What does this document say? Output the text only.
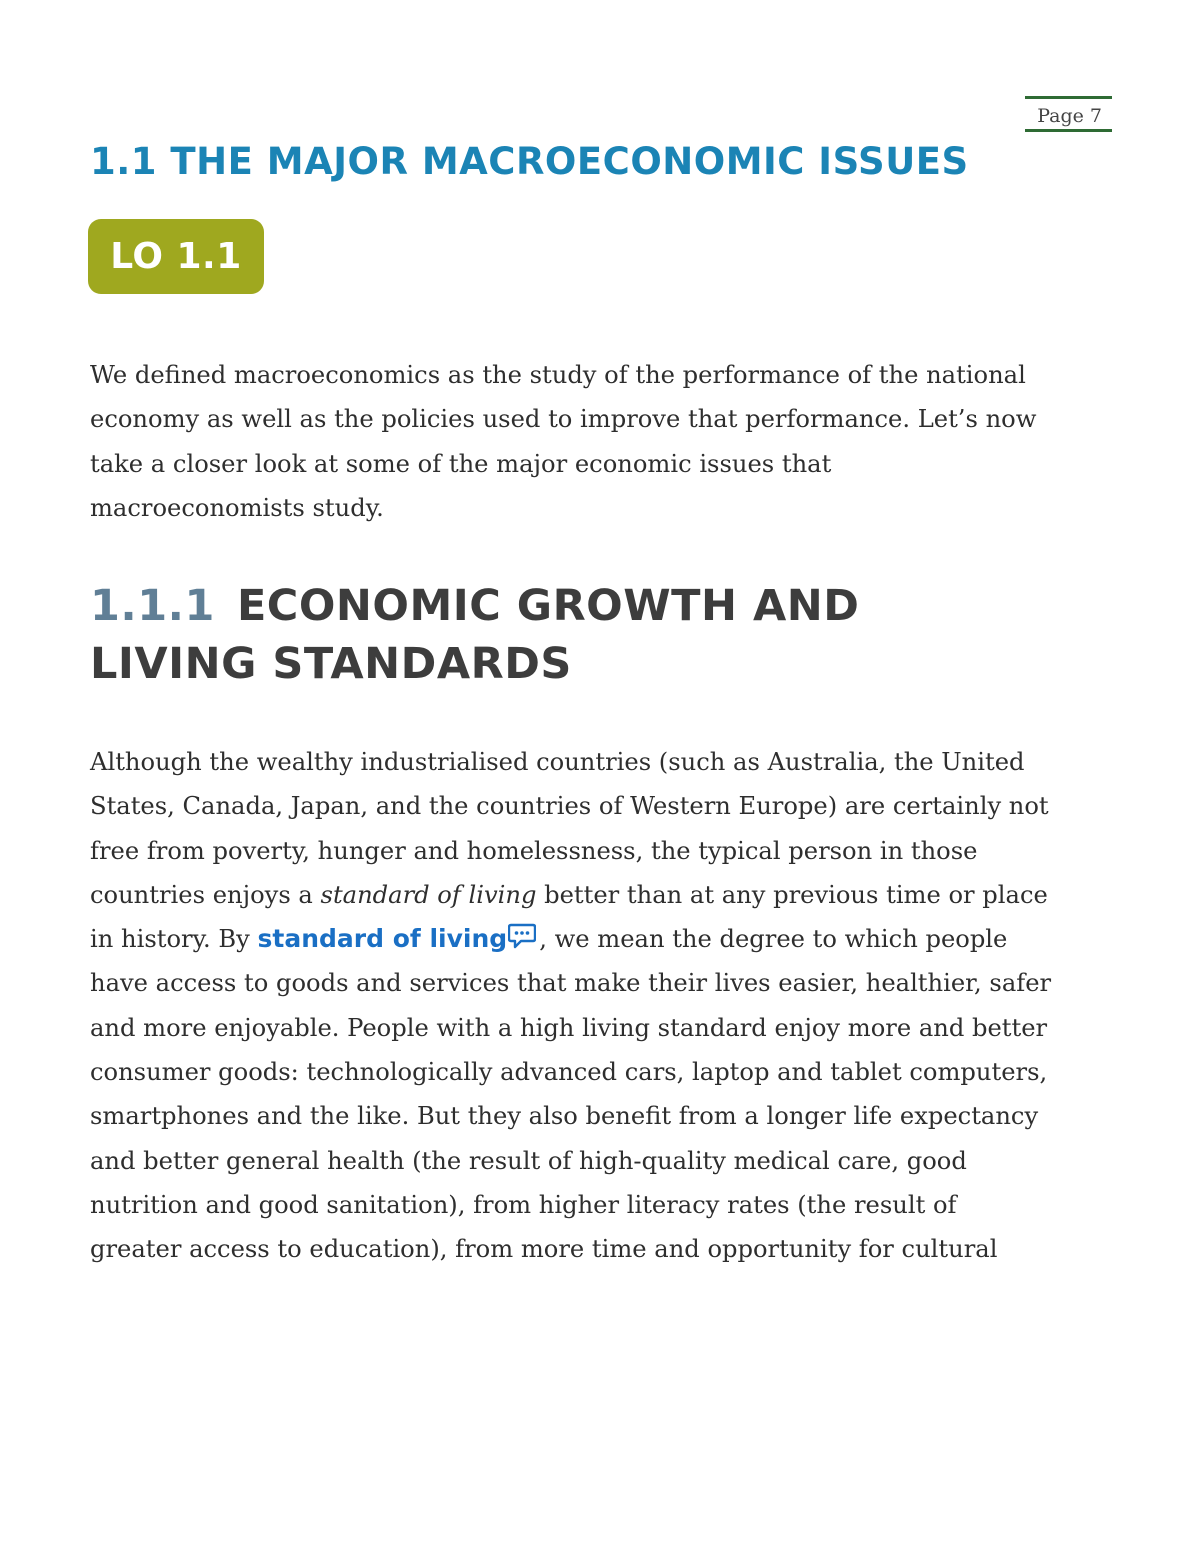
Page 7
1.1 THE MAJOR MACROECONOMIC ISSUES
LO 1.1

We defined macroeconomics as the study of the performance of the national
economy as well as the policies used to improve that performance. Let’s now
take a closer look at some of the major economic issues that
macroeconomists study.

1.1.1 ECONOMIC GROWTH AND
LIVING STANDARDS

Although the wealthy industrialised countries (such as Australia, the United
States, Canada, Japan, and the countries of Western Europe) are certainly not
free from poverty, hunger and homelessness, the typical person in those
countries enjoys a standard of living better than at any previous time or place
in history. By standard of living , we mean the degree to which people
have access to goods and services that make their lives easier, healthier, safer
and more enjoyable. People with a high living standard enjoy more and better
consumer goods: technologically advanced cars, laptop and tablet computers,
smartphones and the like. But they also benefit from a longer life expectancy
and better general health (the result of high-quality medical care, good
nutrition and good sanitation), from higher literacy rates (the result of
greater access to education), from more time and opportunity for cultural
